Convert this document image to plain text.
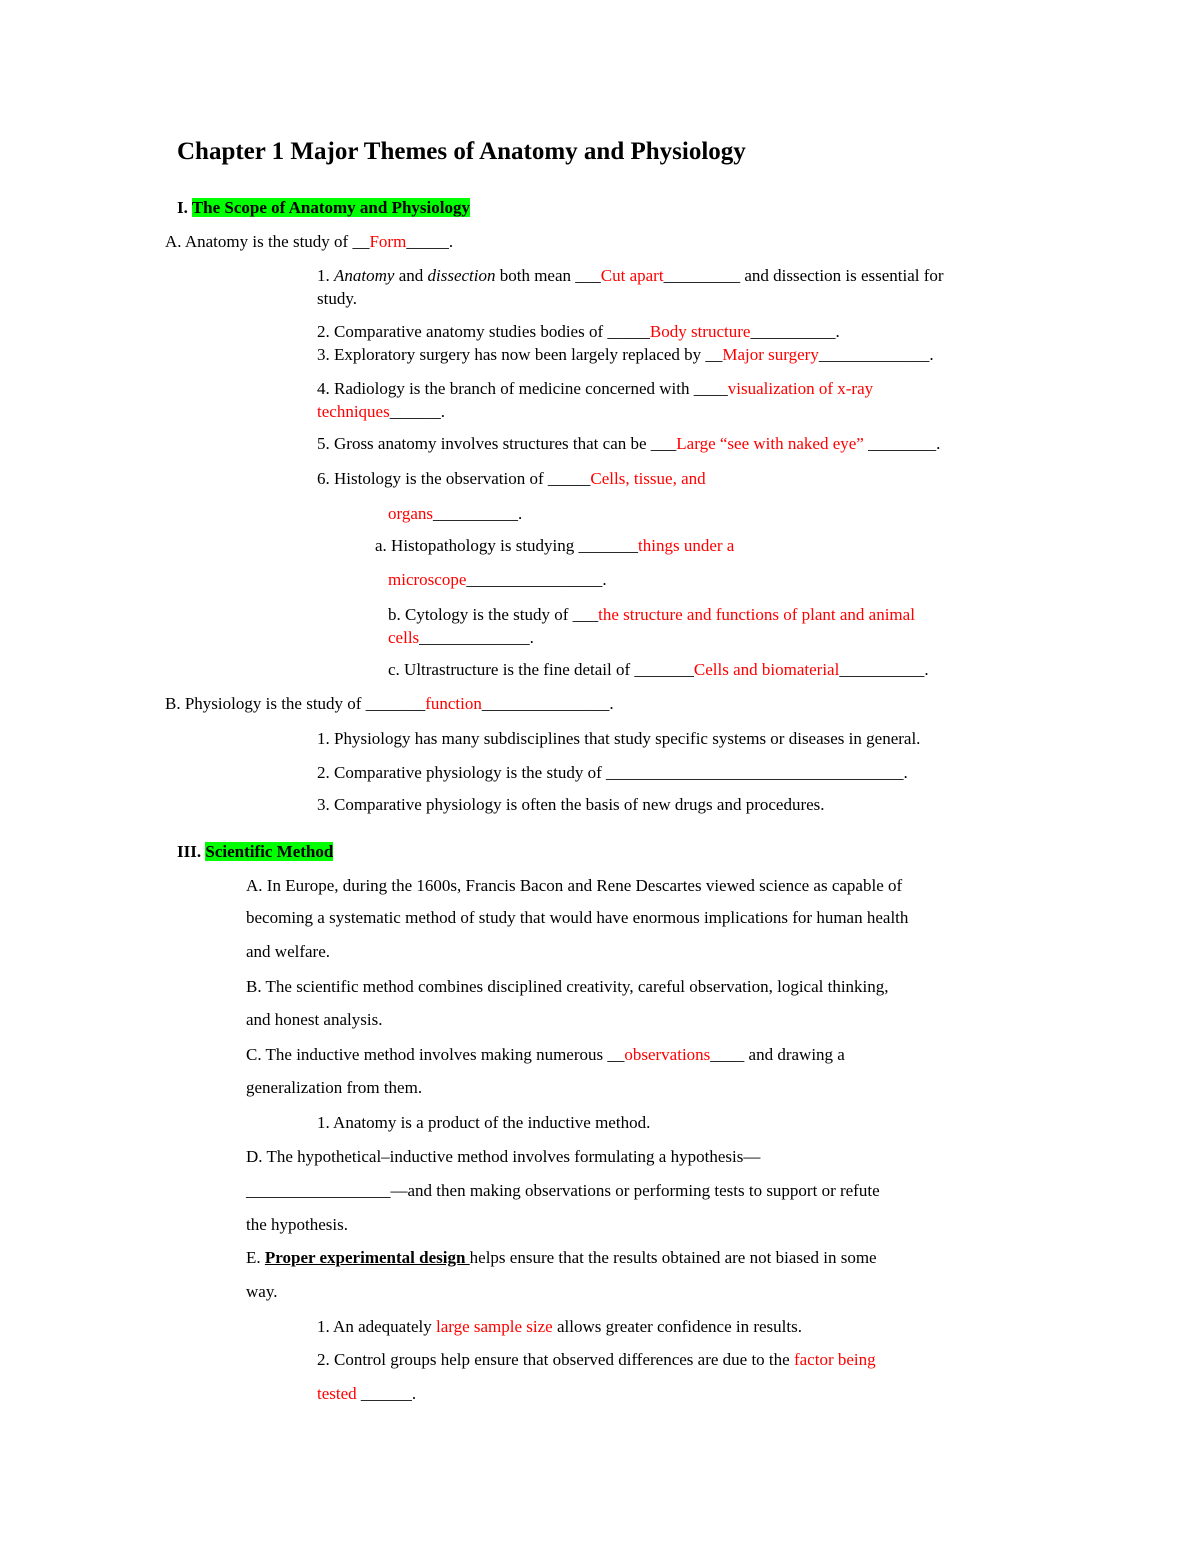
Chapter 1 Major Themes of Anatomy and Physiology
I. The Scope of Anatomy and Physiology
A. Anatomy is the study of __Form_____.
1. Anatomy and dissection both mean ___Cut apart_________ and dissection is essential for
study.
2. Comparative anatomy studies bodies of _____Body structure__________.
3. Exploratory surgery has now been largely replaced by __Major surgery_____________.
4. Radiology is the branch of medicine concerned with ____visualization of x-ray
techniques______.
5. Gross anatomy involves structures that can be ___Large “see with naked eye” ________.
6. Histology is the observation of _____Cells, tissue, and
organs__________.
a. Histopathology is studying _______things under a
microscope________________.
b. Cytology is the study of ___the structure and functions of plant and animal
cells_____________.
c. Ultrastructure is the fine detail of _______Cells and biomaterial__________.
B. Physiology is the study of _______function_______________.
1. Physiology has many subdisciplines that study specific systems or diseases in general.
2. Comparative physiology is the study of ___________________________________.
3. Comparative physiology is often the basis of new drugs and procedures.
III. Scientific Method
A. In Europe, during the 1600s, Francis Bacon and Rene Descartes viewed science as capable of
becoming a systematic method of study that would have enormous implications for human health
and welfare.
B. The scientific method combines disciplined creativity, careful observation, logical thinking,
and honest analysis.
C. The inductive method involves making numerous __observations____ and drawing a
generalization from them.
1. Anatomy is a product of the inductive method.
D. The hypothetical–inductive method involves formulating a hypothesis—
_________________—and then making observations or performing tests to support or refute
the hypothesis.
E. Proper experimental design helps ensure that the results obtained are not biased in some
way.
1. An adequately large sample size allows greater confidence in results.
2. Control groups help ensure that observed differences are due to the factor being
tested ______.
